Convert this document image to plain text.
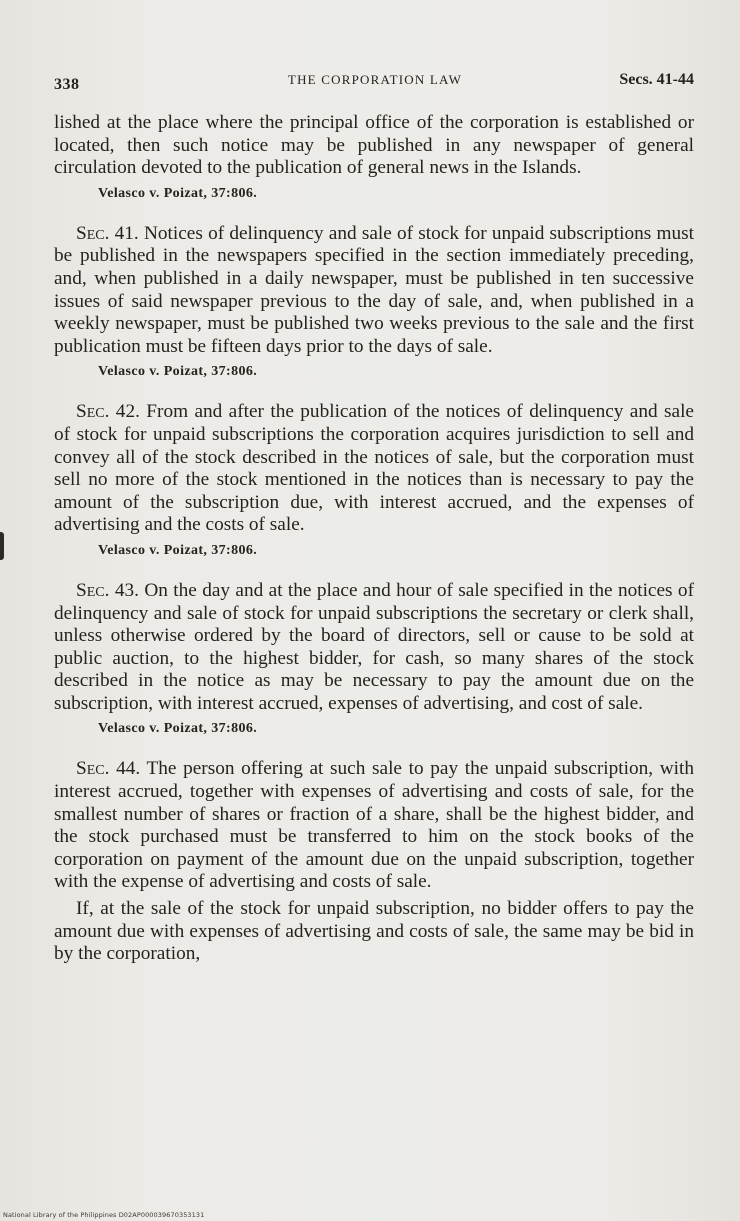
338	THE CORPORATION LAW	Secs. 41-44

lished at the place where the principal office of the corporation is established or located, then such notice may be published in any newspaper of general circulation devoted to the publication of general news in the Islands.

Velasco v. Poizat, 37:806.

Sec. 41. Notices of delinquency and sale of stock for unpaid subscriptions must be published in the newspapers specified in the section immediately preceding, and, when published in a daily newspaper, must be published in ten successive issues of said newspaper previous to the day of sale, and, when published in a weekly newspaper, must be published two weeks previous to the sale and the first publication must be fifteen days prior to the days of sale.

Velasco v. Poizat, 37:806.

Sec. 42. From and after the publication of the notices of delinquency and sale of stock for unpaid subscriptions the corporation acquires jurisdiction to sell and convey all of the stock described in the notices of sale, but the corporation must sell no more of the stock mentioned in the notices than is necessary to pay the amount of the subscription due, with interest accrued, and the expenses of advertising and the costs of sale.

Velasco v. Poizat, 37:806.

Sec. 43. On the day and at the place and hour of sale specified in the notices of delinquency and sale of stock for unpaid subscriptions the secretary or clerk shall, unless otherwise ordered by the board of directors, sell or cause to be sold at public auction, to the highest bidder, for cash, so many shares of the stock described in the notice as may be necessary to pay the amount due on the subscription, with interest accrued, expenses of advertising, and cost of sale.

Velasco v. Poizat, 37:806.

Sec. 44. The person offering at such sale to pay the unpaid subscription, with interest accrued, together with expenses of advertising and costs of sale, for the smallest number of shares or fraction of a share, shall be the highest bidder, and the stock purchased must be transferred to him on the stock books of the corporation on payment of the amount due on the unpaid subscription, together with the expense of advertising and costs of sale.

If, at the sale of the stock for unpaid subscription, no bidder offers to pay the amount due with expenses of advertising and costs of sale, the same may be bid in by the corporation,

National Library of the Philippines D02AP000039670353131
